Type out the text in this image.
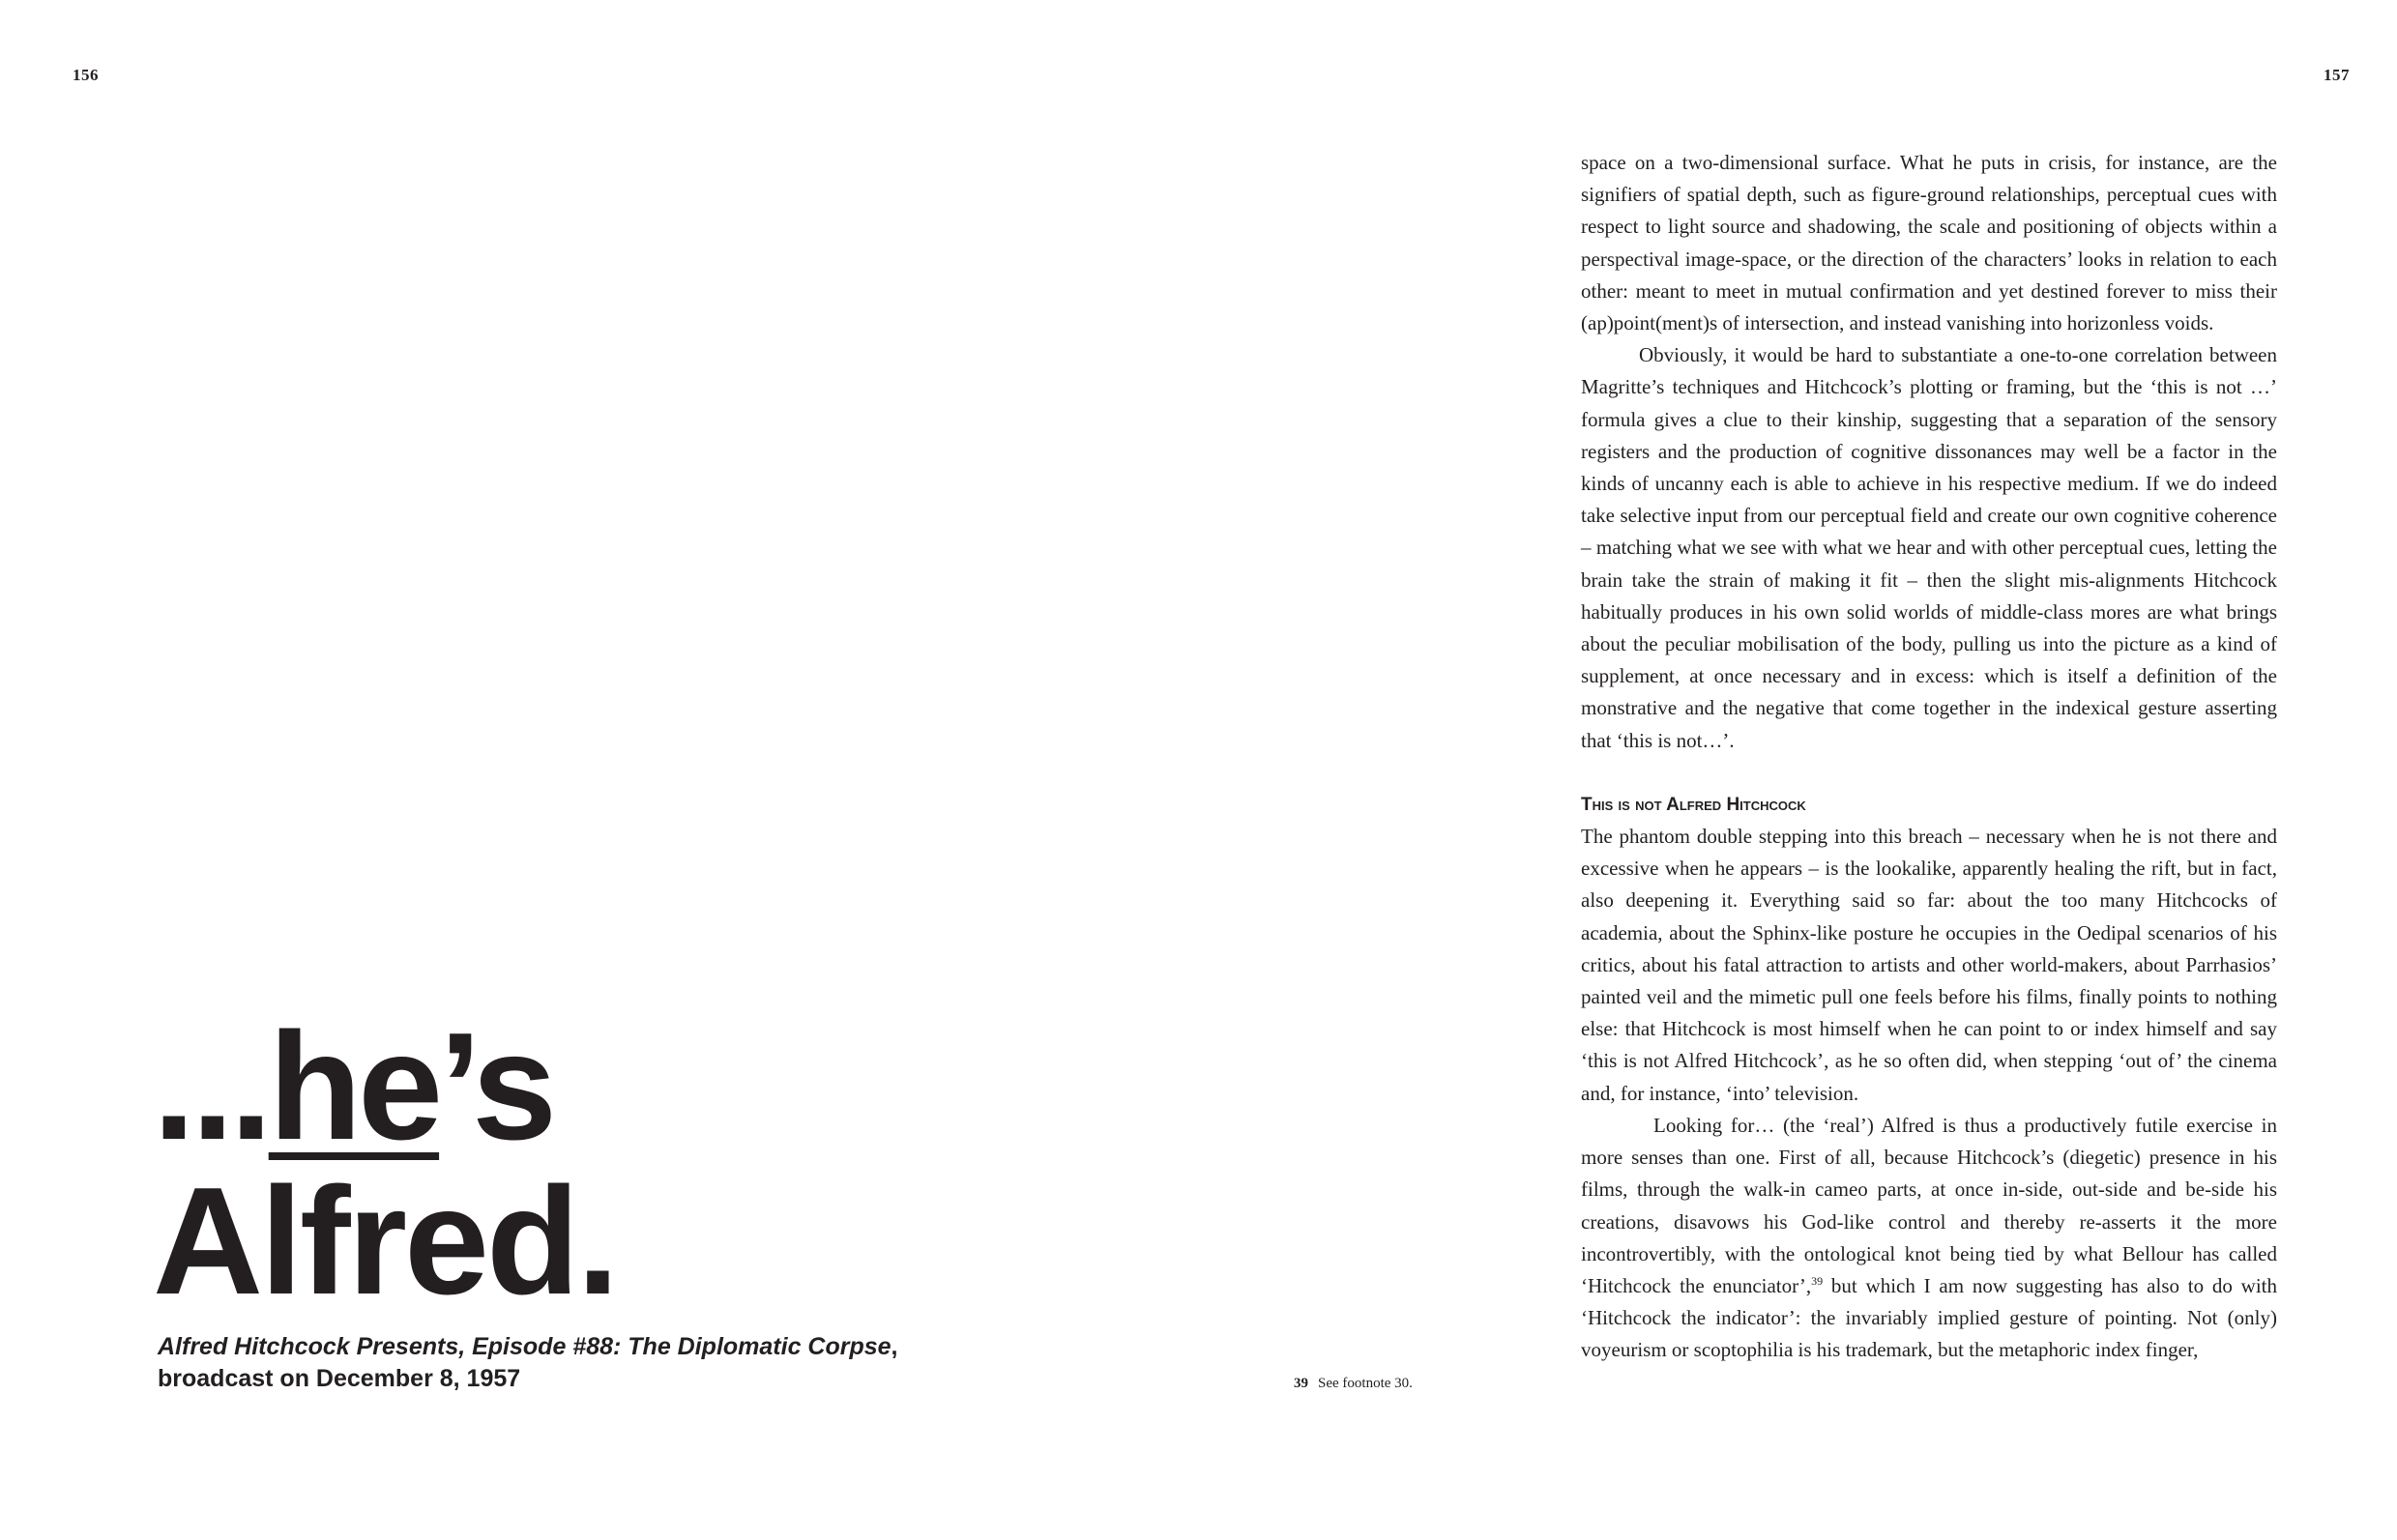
156	157
...he’s
Alfred.
Alfred Hitchcock Presents, Episode #88: The Diplomatic Corpse,
broadcast on December 8, 1957	39 See footnote 30.

space on a two-dimensional surface. What he puts in crisis, for instance, are the signifiers of spatial depth, such as figure-ground relationships, perceptual cues with respect to light source and shadowing, the scale and positioning of objects within a perspectival image-space, or the direction of the characters’ looks in relation to each other: meant to meet in mutual confirmation and yet destined forever to miss their (ap)point(ment)s of intersection, and instead vanishing into horizonless voids.

Obviously, it would be hard to substantiate a one-to-one correlation between Magritte’s techniques and Hitchcock’s plotting or framing, but the ‘this is not …’ formula gives a clue to their kinship, suggesting that a separation of the sensory registers and the production of cognitive dissonances may well be a factor in the kinds of uncanny each is able to achieve in his respective medium. If we do indeed take selective input from our perceptual field and create our own cognitive coherence – matching what we see with what we hear and with other perceptual cues, letting the brain take the strain of making it fit – then the slight mis-alignments Hitchcock habitually produces in his own solid worlds of middle-class mores are what brings about the peculiar mobilisation of the body, pulling us into the picture as a kind of supplement, at once necessary and in excess: which is itself a definition of the monstrative and the negative that come together in the indexical gesture asserting that ‘this is not…’.

This is not Alfred Hitchcock

The phantom double stepping into this breach – necessary when he is not there and excessive when he appears – is the lookalike, apparently healing the rift, but in fact, also deepening it. Everything said so far: about the too many Hitchcocks of academia, about the Sphinx-like posture he occupies in the Oedipal scenarios of his critics, about his fatal attraction to artists and other world-makers, about Parrhasios’ painted veil and the mimetic pull one feels before his films, finally points to nothing else: that Hitchcock is most himself when he can point to or index himself and say ‘this is not Alfred Hitchcock’, as he so often did, when stepping ‘out of’ the cinema and, for instance, ‘into’ television.

Looking for… (the ‘real’) Alfred is thus a productively futile exercise in more senses than one. First of all, because Hitchcock’s (diegetic) presence in his films, through the walk-in cameo parts, at once in-side, out-side and be-side his creations, disavows his God-like control and thereby re-asserts it the more incontrovertibly, with the ontological knot being tied by what Bellour has called ‘Hitchcock the enunciator’,$^{39}$ but which I am now suggesting has also to do with ‘Hitchcock the indicator’: the invariably implied gesture of pointing. Not (only) voyeurism or scoptophilia is his trademark, but the metaphoric index finger,
